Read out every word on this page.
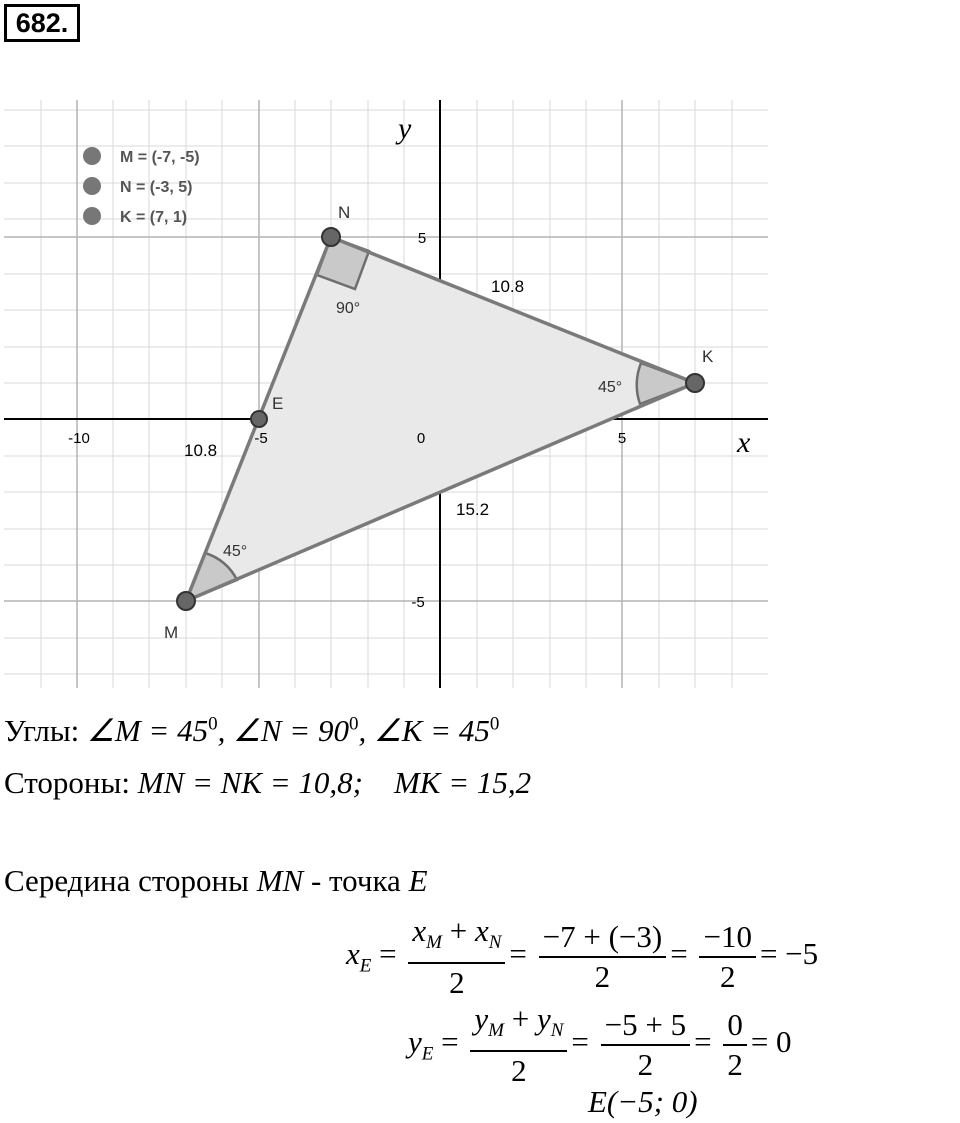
682.
-10	-5	0	5
5
-5
x
y
N
K
E
M
10.8
10.8
15.2
90°
45°
45°
M = (-7, -5)
N = (-3, 5)
K = (7, 1)
Углы: ∠M = $45^0$, ∠N = $90^0$, ∠K = $45^0$
Стороны: MN = NK = 10,8;    MK = 15,2
Середина стороны MN - точка E
$x_E = \frac{x_M + x_N}{2} = \frac{-7 + (-3)}{2} = \frac{-10}{2} = -5$
$y_E = \frac{y_M + y_N}{2} = \frac{-5 + 5}{2} = \frac{0}{2} = 0$
E(−5; 0)
